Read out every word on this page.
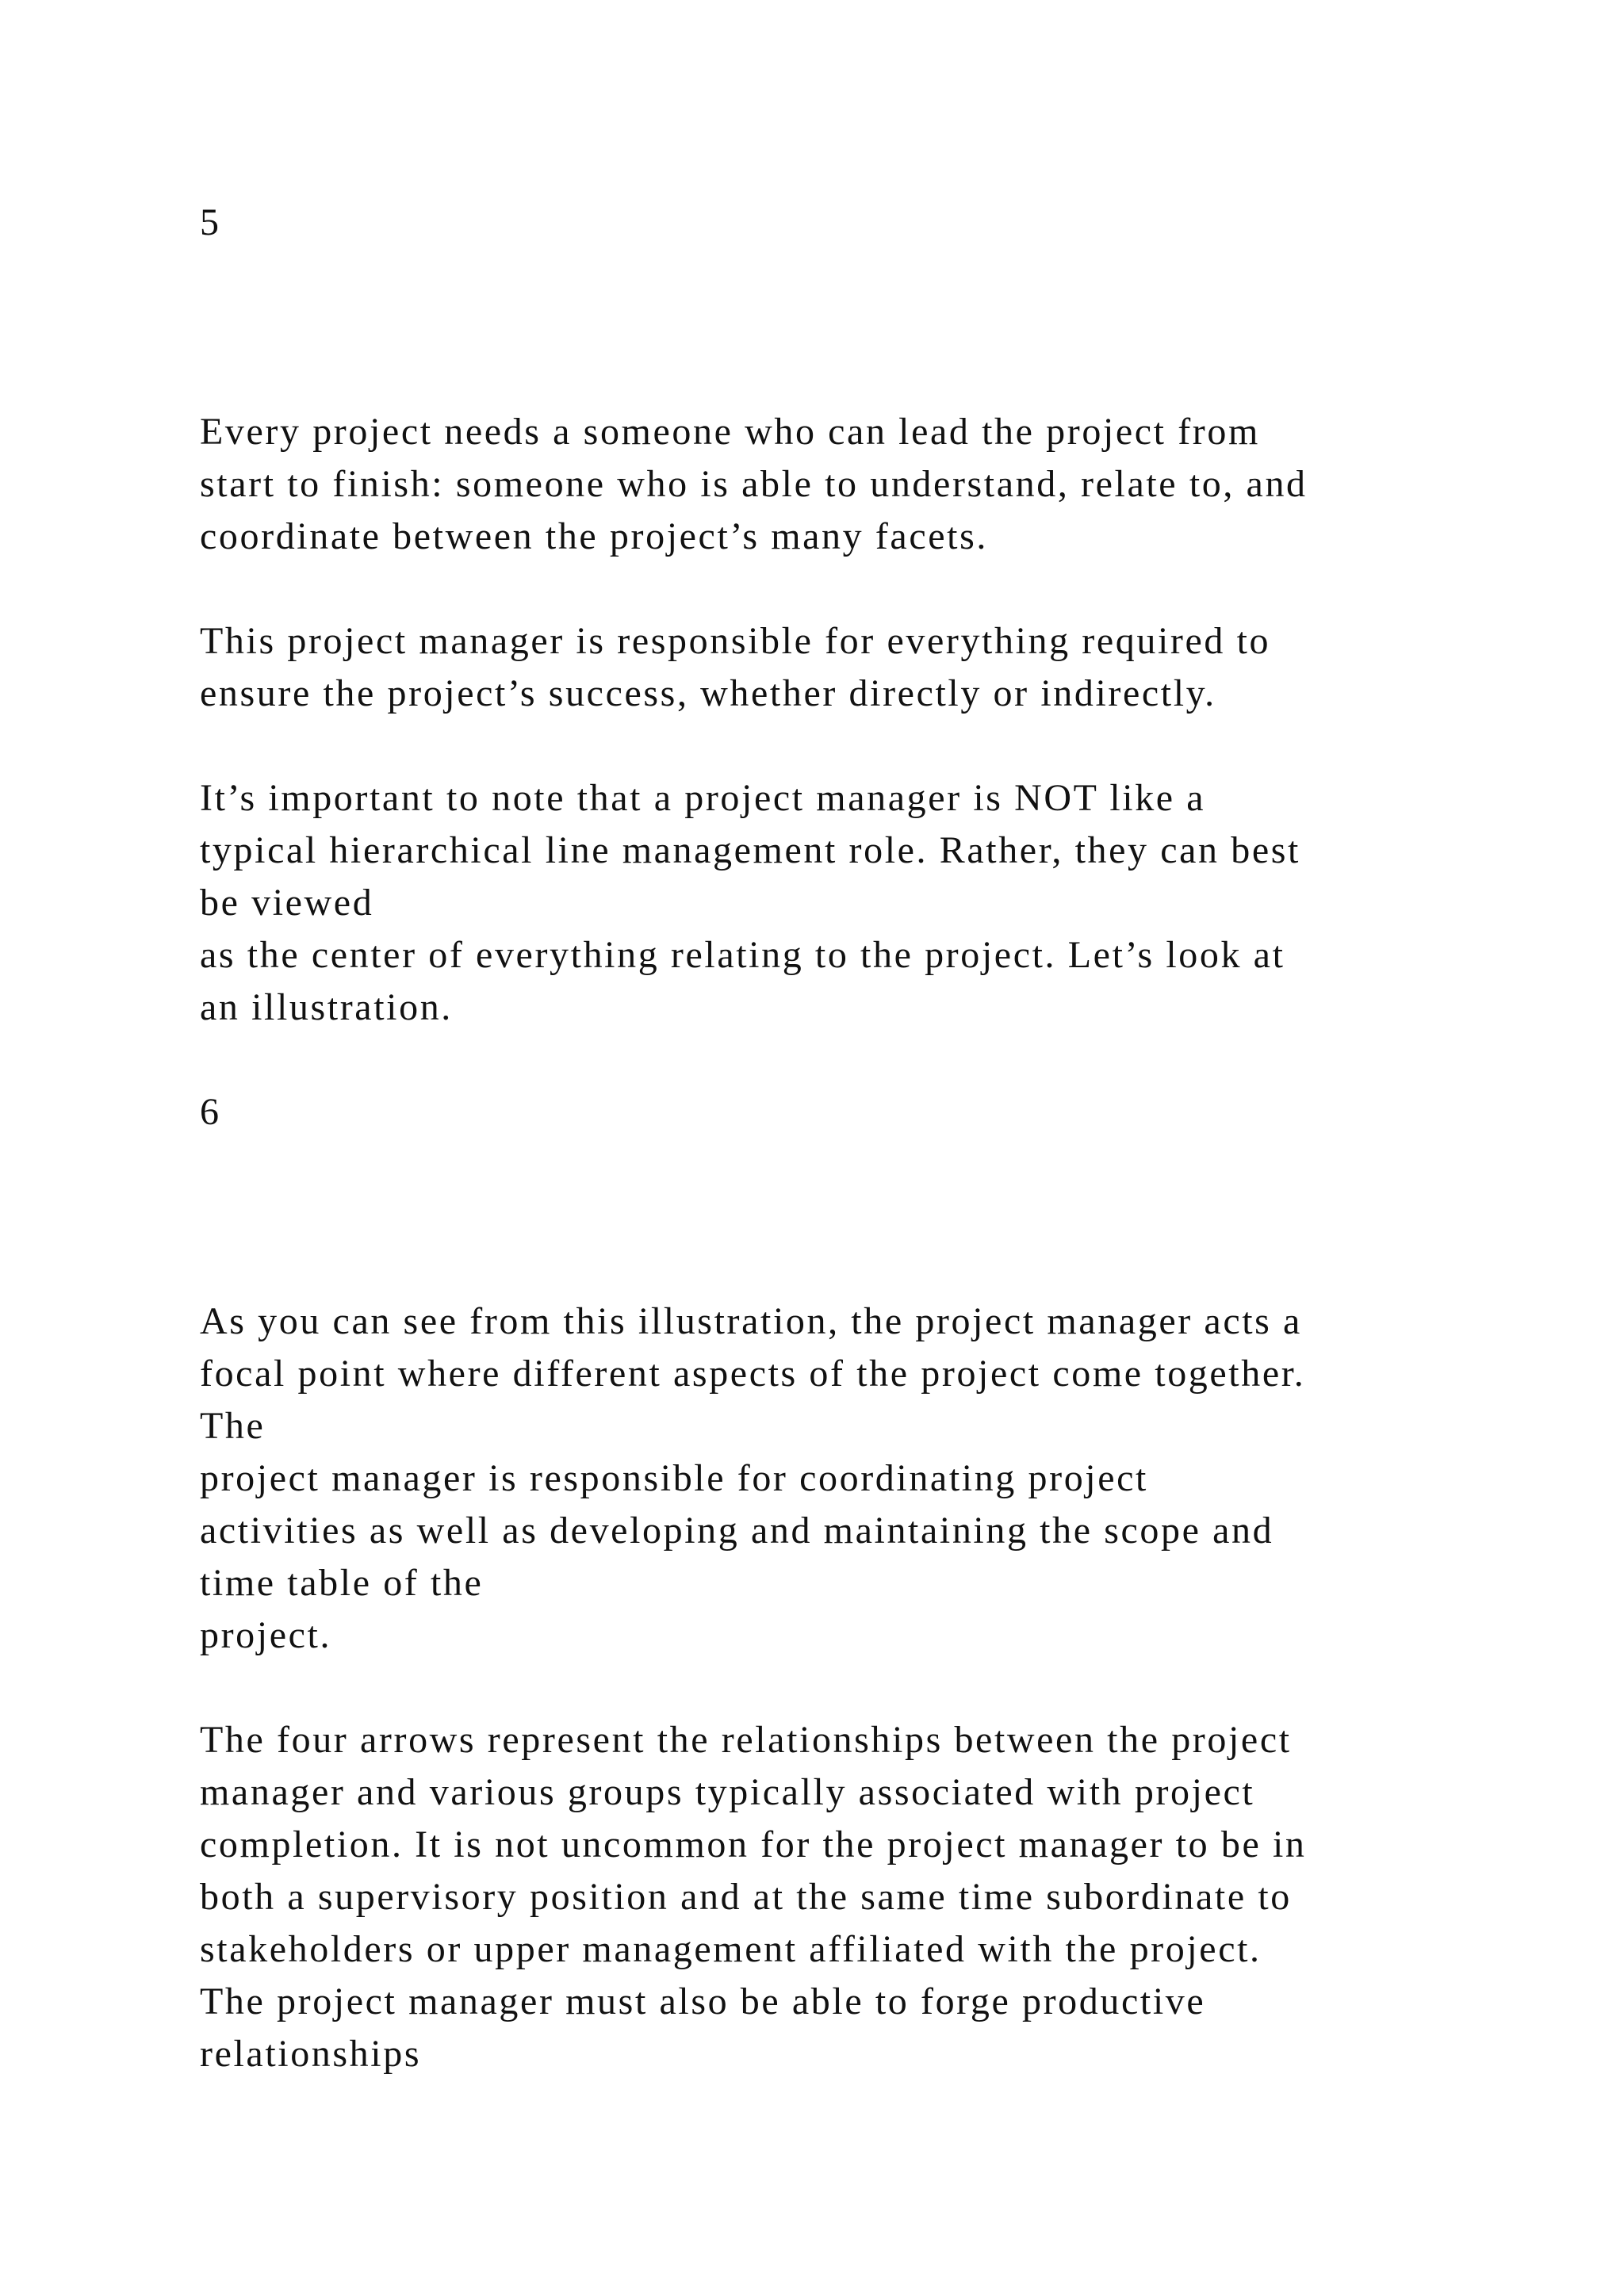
5
Every project needs a someone who can lead the project from
start to finish: someone who is able to understand, relate to, and
coordinate between the project’s many facets.
This project manager is responsible for everything required to
ensure the project’s success, whether directly or indirectly.
It’s important to note that a project manager is NOT like a
typical hierarchical line management role. Rather, they can best
be viewed
as the center of everything relating to the project. Let’s look at
an illustration.
6
As you can see from this illustration, the project manager acts a
focal point where different aspects of the project come together.
The
project manager is responsible for coordinating project
activities as well as developing and maintaining the scope and
time table of the
project.
The four arrows represent the relationships between the project
manager and various groups typically associated with project
completion. It is not uncommon for the project manager to be in
both a supervisory position and at the same time subordinate to
stakeholders or upper management affiliated with the project.
The project manager must also be able to forge productive
relationships
